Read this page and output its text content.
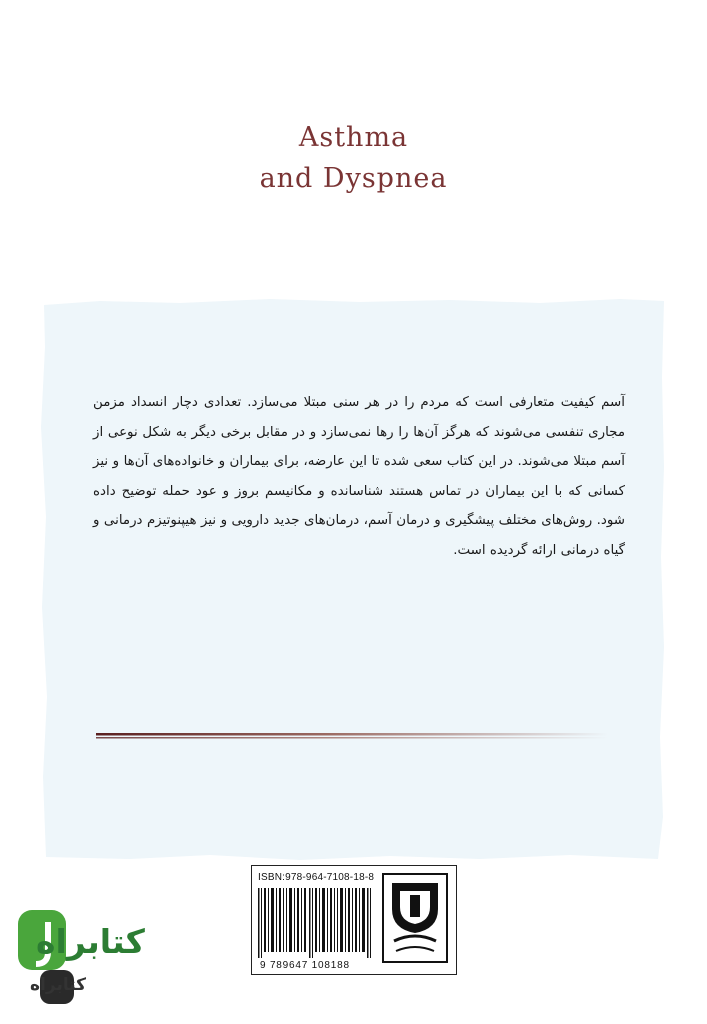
Asthma
and Dyspnea
آسم کیفیت متعارفی است که مردم را در هر سنی مبتلا می‌سازد. تعدادی دچار انسداد مزمن مجاری تنفسی می‌شوند که هرگز آن‌ها را رها نمی‌سازد و در مقابل برخی دیگر به شکل نوعی از آسم مبتلا می‌شوند. در این کتاب سعی شده تا این عارضه، برای بیماران و خانواده‌های آن‌ها و نیز کسانی که با این بیماران در تماس هستند شناسانده و مکانیسم بروز و عود حمله توضیح داده شود. روش‌های مختلف پیشگیری و درمان آسم، درمان‌های جدید دارویی و نیز هیپنوتیزم درمانی و گیاه درمانی ارائه گردیده است.
ISBN:978-964-7108-18-8
9 789647 108188
کتابراه
کتابراه
